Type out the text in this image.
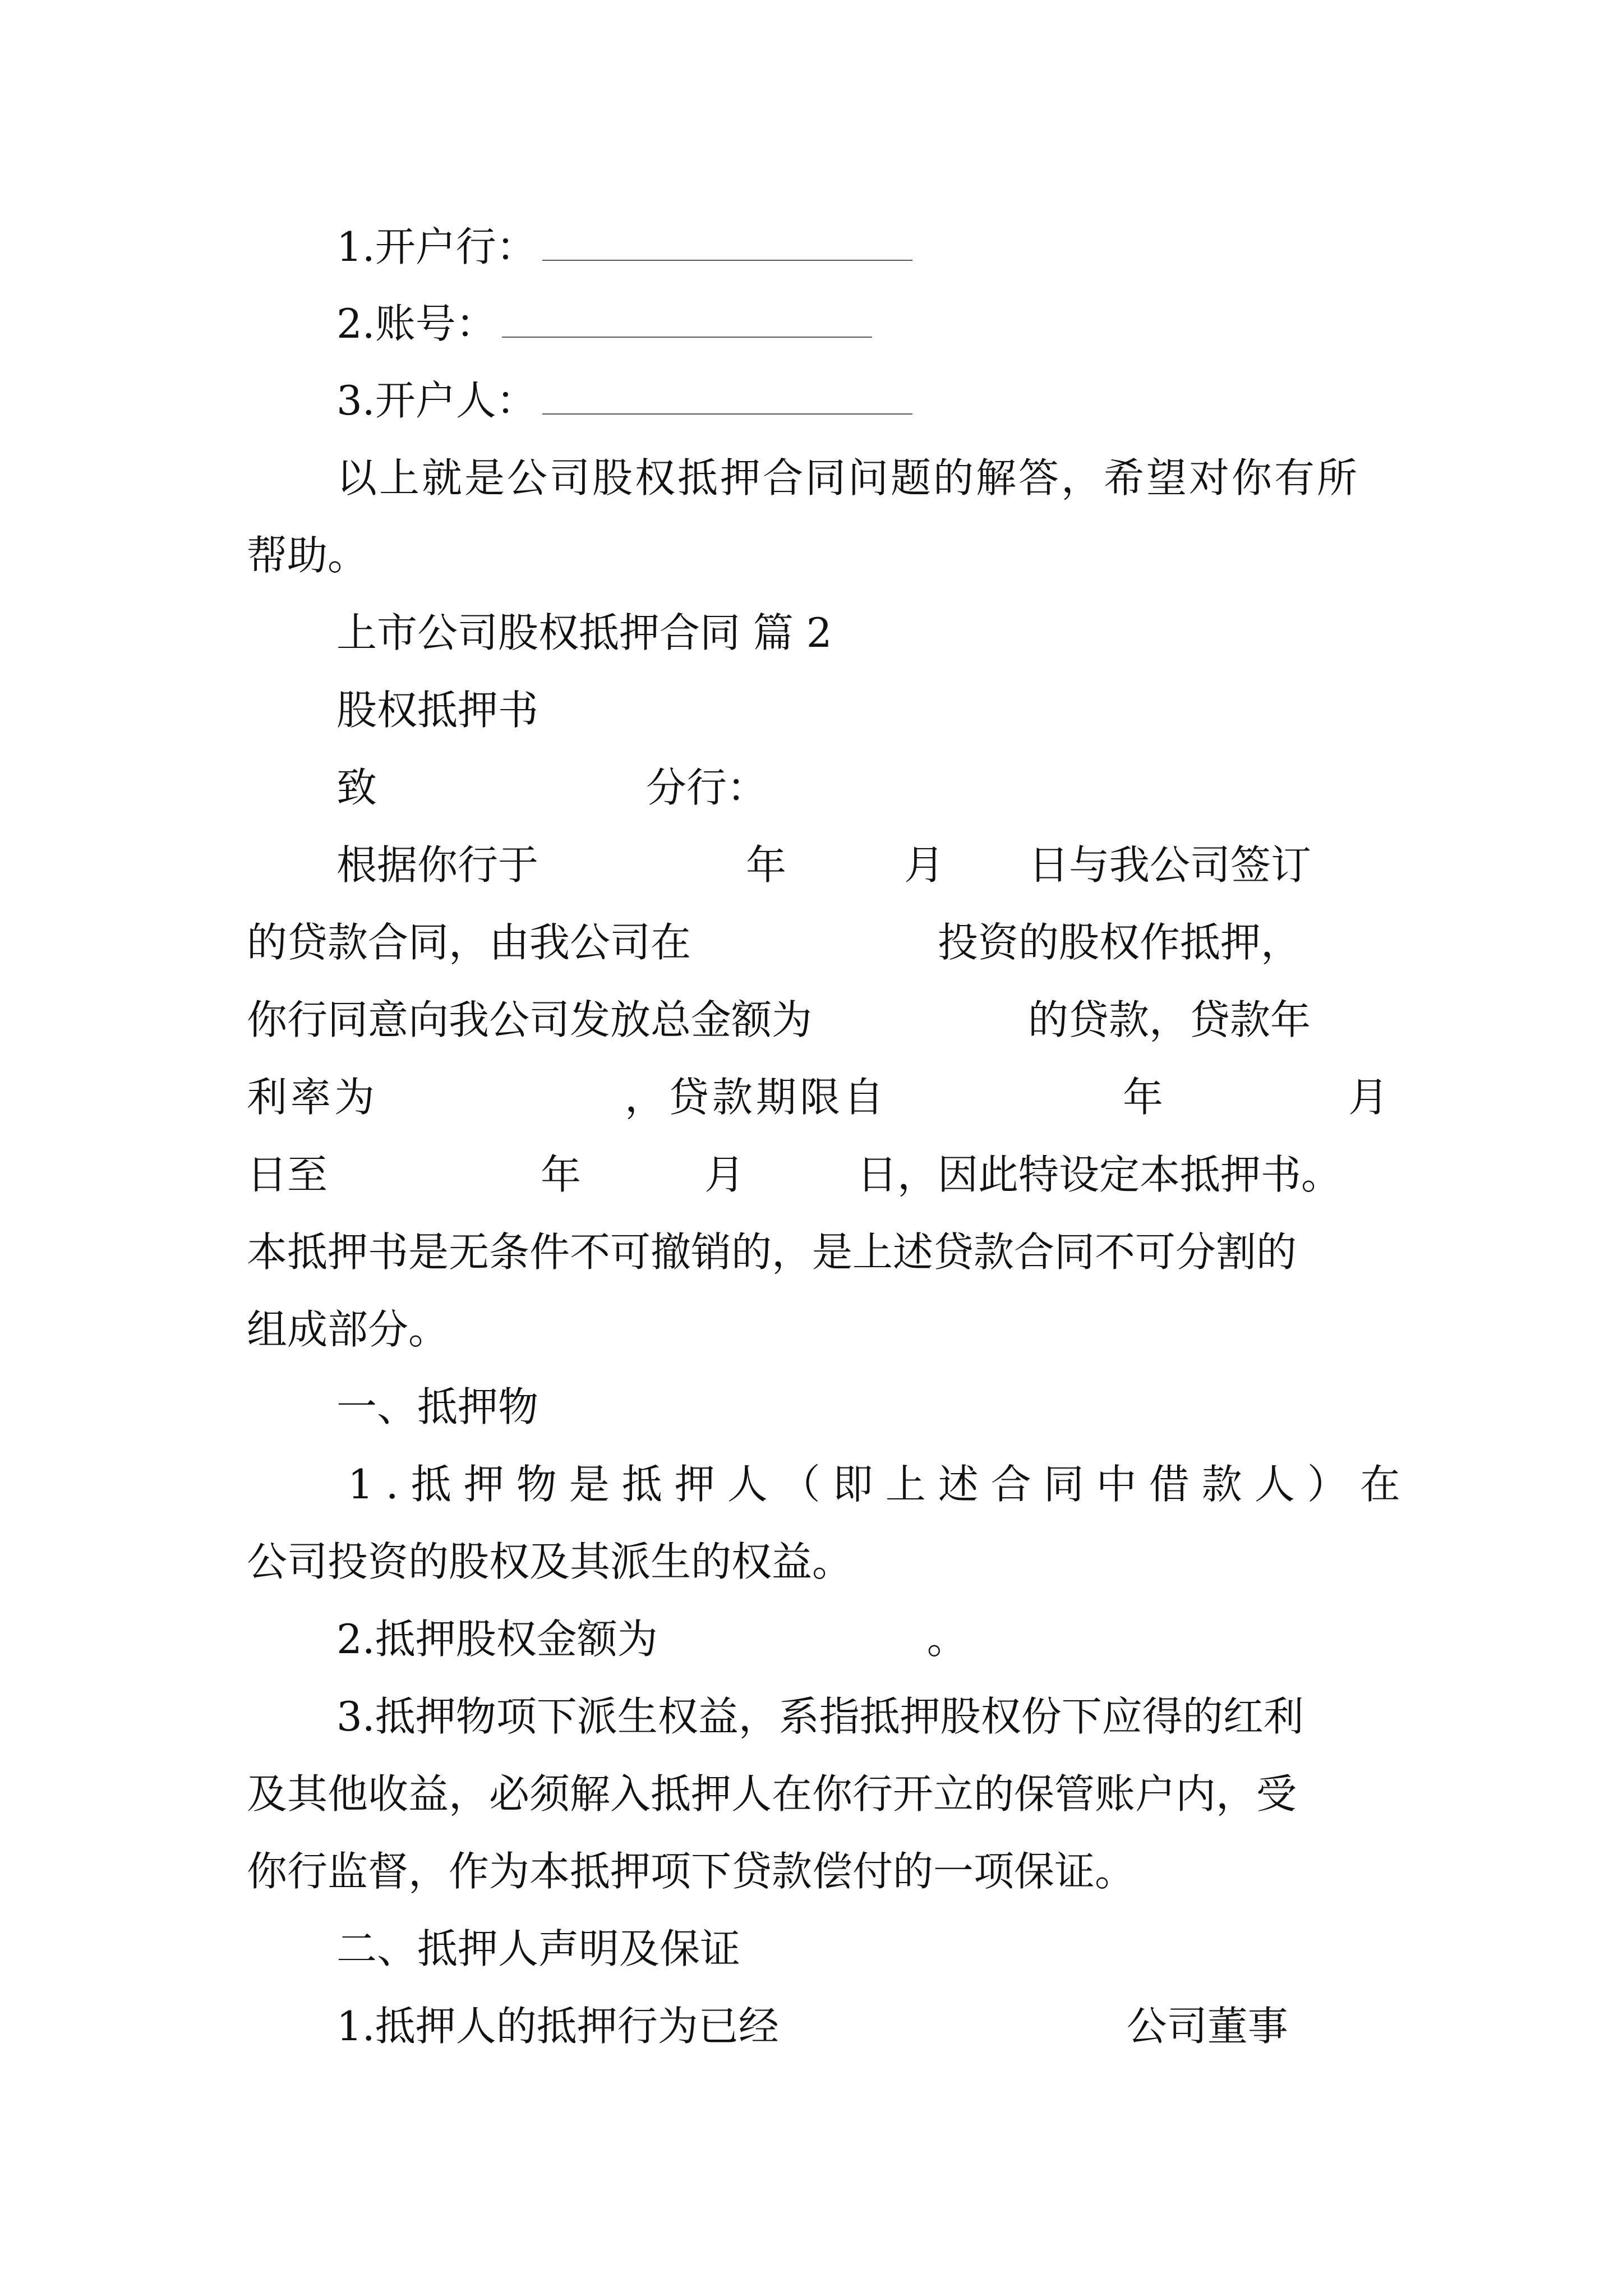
1.开户行：
2.账号：
3.开户人：
以上就是公司股权抵押合同问题的解答，希望对你有所
帮助。
上市公司股权抵押合同 篇 2
股权抵押书
致	分行：
根据你行于	年	月 日与我公司签订
的贷款合同，由我公司在	投资的股权作抵押，
你行同意向我公司发放总金额为	的贷款，贷款年
利率为	，贷款期限自	年	月
日至	年	月	日，因此特设定本抵押书。
本抵押书是无条件不可撤销的，是上述贷款合同不可分割的
组成部分。
一、抵押物
1.抵押物是抵押人（即上述合同中借款人）在
公司投资的股权及其派生的权益。
2.抵押股权金额为	。
3.抵押物项下派生权益，系指抵押股权份下应得的红利
及其他收益，必须解入抵押人在你行开立的保管账户内，受
你行监督，作为本抵押项下贷款偿付的一项保证。
二、抵押人声明及保证
1.抵押人的抵押行为已经	公司董事
